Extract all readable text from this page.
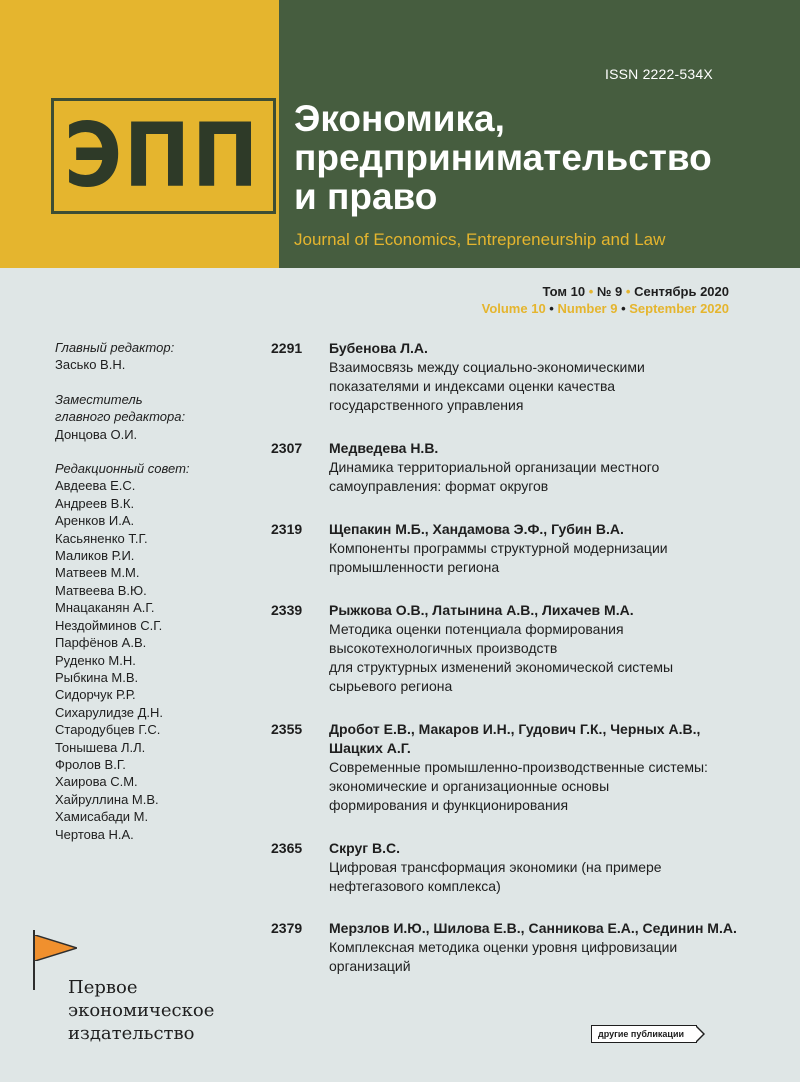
ЭПП
ISSN 2222-534X
Экономика,
предпринимательство
и право
Journal of Economics, Entrepreneurship and Law
Том 10 • № 9 • Сентябрь 2020
Volume 10 • Number 9 • September 2020
Главный редактор:
Засько В.Н.
Заместитель
главного редактора:
Донцова О.И.
Редакционный совет:
Авдеева Е.С.
Андреев В.К.
Аренков И.А.
Касьяненко Т.Г.
Маликов Р.И.
Матвеев М.М.
Матвеева В.Ю.
Мнацаканян А.Г.
Нездойминов С.Г.
Парфёнов А.В.
Руденко М.Н.
Рыбкина М.В.
Сидорчук Р.Р.
Сихарулидзе Д.Н.
Стародубцев Г.С.
Тонышева Л.Л.
Фролов В.Г.
Хаирова С.М.
Хайруллина М.В.
Хамисабади М.
Чертова Н.А.
2291 Бубенова Л.А.
Взаимосвязь между социально-экономическими
показателями и индексами оценки качества
государственного управления
2307 Медведева Н.В.
Динамика территориальной организации местного
самоуправления: формат округов
2319 Щепакин М.Б., Хандамова Э.Ф., Губин В.А.
Компоненты программы структурной модернизации
промышленности региона
2339 Рыжкова О.В., Латынина А.В., Лихачев М.А.
Методика оценки потенциала формирования
высокотехнологичных производств
для структурных изменений экономической системы
сырьевого региона
2355 Дробот Е.В., Макаров И.Н., Гудович Г.К., Черных А.В.,
Шацких А.Г.
Современные промышленно-производственные системы:
экономические и организационные основы
формирования и функционирования
2365 Скруг В.С.
Цифровая трансформация экономики (на примере
нефтегазового комплекса)
2379 Мерзлов И.Ю., Шилова Е.В., Санникова Е.А., Сединин М.А.
Комплексная методика оценки уровня цифровизации
организаций
Первое
экономическое
издательство	другие публикации
